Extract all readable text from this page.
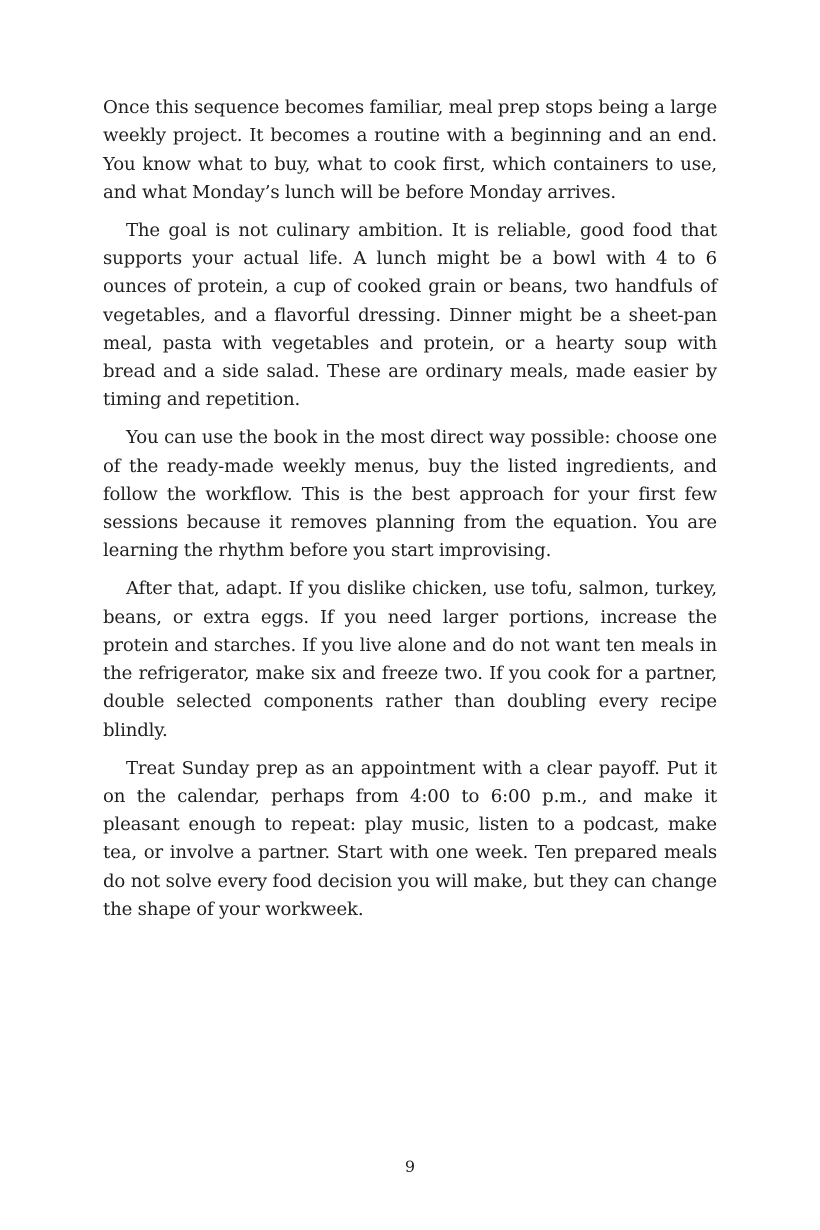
Once this sequence becomes familiar, meal prep stops being a large weekly project. It becomes a routine with a beginning and an end. You know what to buy, what to cook first, which containers to use, and what Monday’s lunch will be before Monday arrives.

The goal is not culinary ambition. It is reliable, good food that supports your actual life. A lunch might be a bowl with 4 to 6 ounces of protein, a cup of cooked grain or beans, two handfuls of vegetables, and a flavorful dressing. Dinner might be a sheet-pan meal, pasta with vegetables and protein, or a hearty soup with bread and a side salad. These are ordinary meals, made easier by timing and repetition.

You can use the book in the most direct way possible: choose one of the ready-made weekly menus, buy the listed ingredients, and follow the workflow. This is the best approach for your first few sessions because it removes planning from the equation. You are learning the rhythm before you start improvising.

After that, adapt. If you dislike chicken, use tofu, salmon, turkey, beans, or extra eggs. If you need larger portions, increase the protein and starches. If you live alone and do not want ten meals in the refrigerator, make six and freeze two. If you cook for a partner, double selected components rather than doubling every recipe blindly.

Treat Sunday prep as an appointment with a clear payoff. Put it on the calendar, perhaps from 4:00 to 6:00 p.m., and make it pleasant enough to repeat: play music, listen to a podcast, make tea, or involve a partner. Start with one week. Ten prepared meals do not solve every food decision you will make, but they can change the shape of your workweek.

9
